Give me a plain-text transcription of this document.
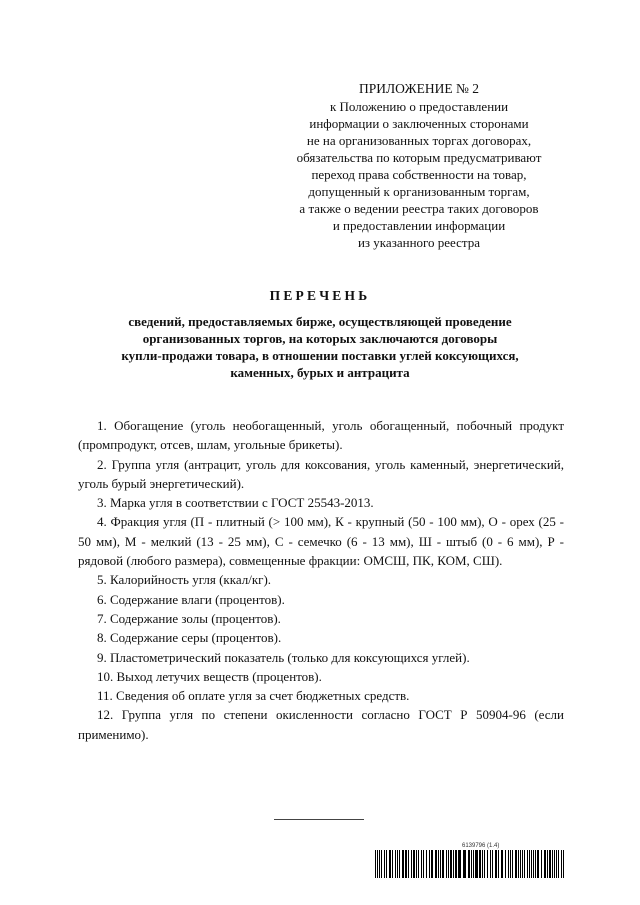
ПРИЛОЖЕНИЕ № 2
к Положению о предоставлении
информации о заключенных сторонами
не на организованных торгах договорах,
обязательства по которым предусматривают
переход права собственности на товар,
допущенный к организованным торгам,
а также о ведении реестра таких договоров
и предоставлении информации
из указанного реестра
ПЕРЕЧЕНЬ
сведений, предоставляемых бирже, осуществляющей проведение
организованных торгов, на которых заключаются договоры
купли-продажи товара, в отношении поставки углей коксующихся,
каменных, бурых и антрацита

1. Обогащение (уголь необогащенный, уголь обогащенный, побочный продукт (промпродукт, отсев, шлам, угольные брикеты).

2. Группа угля (антрацит, уголь для коксования, уголь каменный, энергетический, уголь бурый энергетический).

3. Марка угля в соответствии с ГОСТ 25543-2013.

4. Фракция угля (П - плитный (> 100 мм), К - крупный (50 - 100 мм), О - орех (25 - 50 мм), М - мелкий (13 - 25 мм), С - семечко (6 - 13 мм), Ш - штыб (0 - 6 мм), Р - рядовой (любого размера), совмещенные фракции: ОМСШ, ПК, КОМ, СШ).

5. Калорийность угля (ккал/кг).

6. Содержание влаги (процентов).

7. Содержание золы (процентов).

8. Содержание серы (процентов).

9. Пластометрический показатель (только для коксующихся углей).

10. Выход летучих веществ (процентов).

11. Сведения об оплате угля за счет бюджетных средств.

12. Группа угля по степени окисленности согласно ГОСТ Р 50904-96 (если применимо).

6139796 (1.4)
